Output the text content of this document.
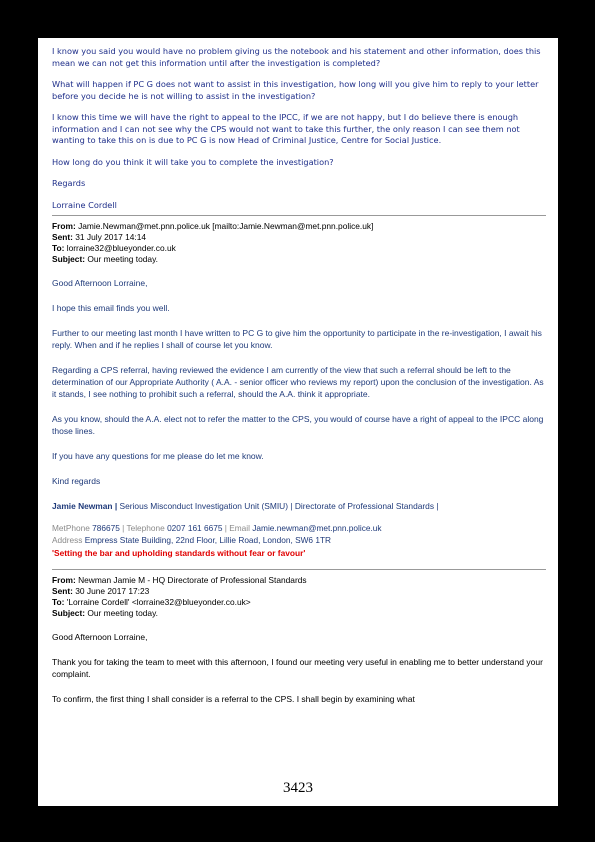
I know you said you would have no problem giving us the notebook and his statement and other information, does this mean we can not get this information until after the investigation is completed?

What will happen if PC G does not want to assist in this investigation, how long will you give him to reply to your letter before you decide he is not willing to assist in the investigation?

I know this time we will have the right to appeal to the IPCC, if we are not happy, but I do believe there is enough information and I can not see why the CPS would not want to take this further, the only reason I can see them not wanting to take this on is due to PC G is now Head of Criminal Justice, Centre for Social Justice.

How long do you think it will take you to complete the investigation?

Regards

Lorraine Cordell

From: Jamie.Newman@met.pnn.police.uk [mailto:Jamie.Newman@met.pnn.police.uk]

Sent: 31 July 2017 14:14

To: lorraine32@blueyonder.co.uk

Subject: Our meeting today.

Good Afternoon Lorraine,

I hope this email finds you well.

Further to our meeting last month I have written to PC G to give him the opportunity to participate in the re-investigation, I await his reply. When and if he replies I shall of course let you know.

Regarding a CPS referral, having reviewed the evidence I am currently of the view that such a referral should be left to the determination of our Appropriate Authority ( A.A. - senior officer who reviews my report) upon the conclusion of the investigation. As it stands, I see nothing to prohibit such a referral, should the A.A. think it appropriate.

As you know, should the A.A. elect not to refer the matter to the CPS, you would of course have a right of appeal to the IPCC along those lines.

If you have any questions for me please do let me know.

Kind regards

Jamie Newman | Serious Misconduct Investigation Unit (SMIU) | Directorate of Professional Standards |

MetPhone 786675 | Telephone 0207 161 6675 | Email Jamie.newman@met.pnn.police.uk

Address Empress State Building, 22nd Floor, Lillie Road, London, SW6 1TR

'Setting the bar and upholding standards without fear or favour'

From: Newman Jamie M - HQ Directorate of Professional Standards

Sent: 30 June 2017 17:23

To: 'Lorraine Cordell' <lorraine32@blueyonder.co.uk>

Subject: Our meeting today.

Good Afternoon Lorraine,

Thank you for taking the team to meet with this afternoon, I found our meeting very useful in enabling me to better understand your complaint.

To confirm, the first thing I shall consider is a referral to the CPS. I shall begin by examining what

3423
